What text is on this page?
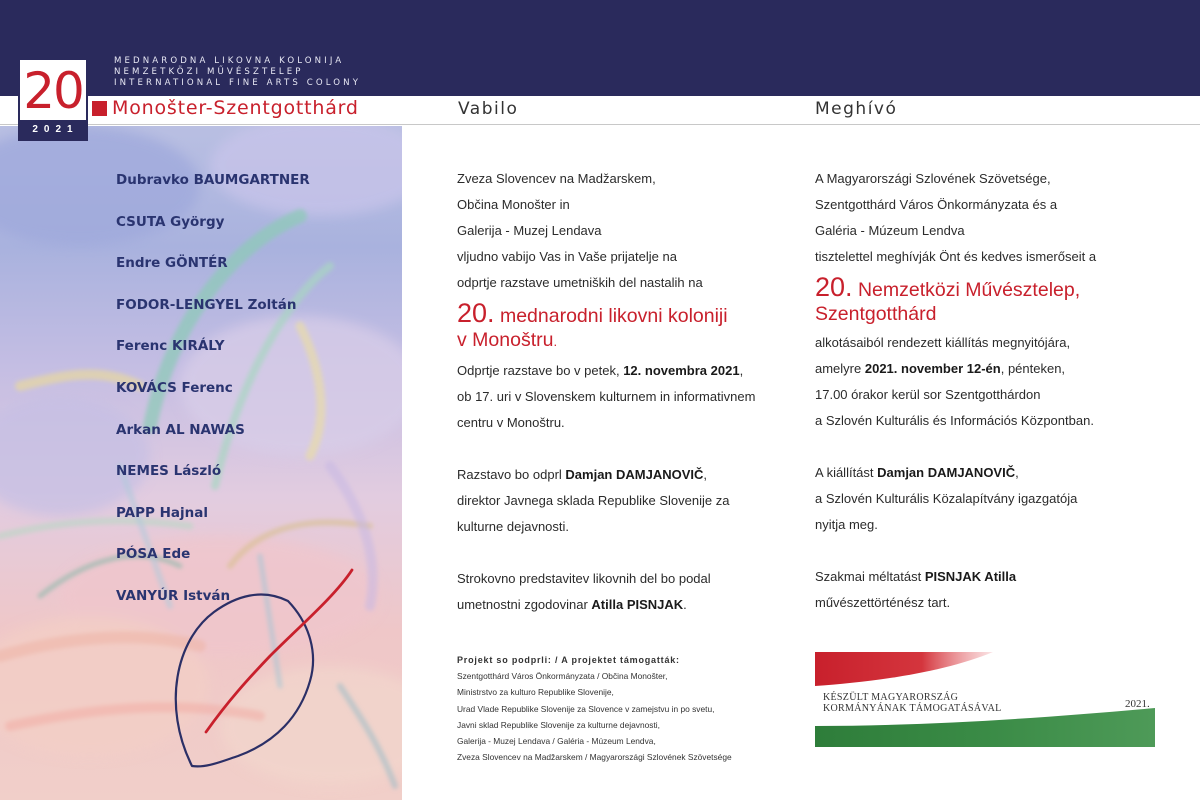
MEDNARODNA LIKOVNA KOLONIJA
NEMZETKÖZI MŰVÉSZTELEP
INTERNATIONAL FINE ARTS COLONY
Monošter-Szentgotthárd	Vabilo	Meghívó
Dubravko BAUMGARTNER
CSUTA György
Endre GÖNTÉR
FODOR-LENGYEL Zoltán
Ferenc KIRÁLY
KOVÁCS Ferenc
Arkan AL NAWAS
NEMES László
PAPP Hajnal
PÓSA Ede
VANYÚR István
20
2021
Zveza Slovencev na Madžarskem,
Občina Monošter in
Galerija - Muzej Lendava
vljudno vabijo Vas in Vaše prijatelje na
odprtje razstave umetniških del nastalih na
20. mednarodni likovni koloniji
v Monoštru.
Odprtje razstave bo v petek, 12. novembra 2021,
ob 17. uri v Slovenskem kulturnem in informativnem
centru v Monoštru.
Razstavo bo odprl Damjan DAMJANOVIČ,
direktor Javnega sklada Republike Slovenije za
kulturne dejavnosti.
Strokovno predstavitev likovnih del bo podal
umetnostni zgodovinar Atilla PISNJAK.
A Magyarországi Szlovének Szövetsége,
Szentgotthárd Város Önkormányzata és a
Galéria - Múzeum Lendva
tisztelettel meghívják Önt és kedves ismerőseit a
20. Nemzetközi Művésztelep,
Szentgotthárd
alkotásaiból rendezett kiállítás megnyitójára,
amelyre 2021. november 12-én, pénteken,
17.00 órakor kerül sor Szentgotthárdon
a Szlovén Kulturális és Információs Központban.
A kiállítást Damjan DAMJANOVIČ,
a Szlovén Kulturális Közalapítvány igazgatója
nyitja meg.
Szakmai méltatást PISNJAK Atilla
művészettörténész tart.
Projekt so podprli: / A projektet támogatták:
Szentgotthárd Város Önkormányzata / Občina Monošter,
Ministrstvo za kulturo Republike Slovenije,
Urad Vlade Republike Slovenije za Slovence v zamejstvu in po svetu,
Javni sklad Republike Slovenije za kulturne dejavnosti,
Galerija - Muzej Lendava / Galéria - Múzeum Lendva,
Zveza Slovencev na Madžarskem / Magyarországi Szlovének Szövetsége
KÉSZÜLT MAGYARORSZÁG
KORMÁNYÁNAK TÁMOGATÁSÁVAL	2021.
